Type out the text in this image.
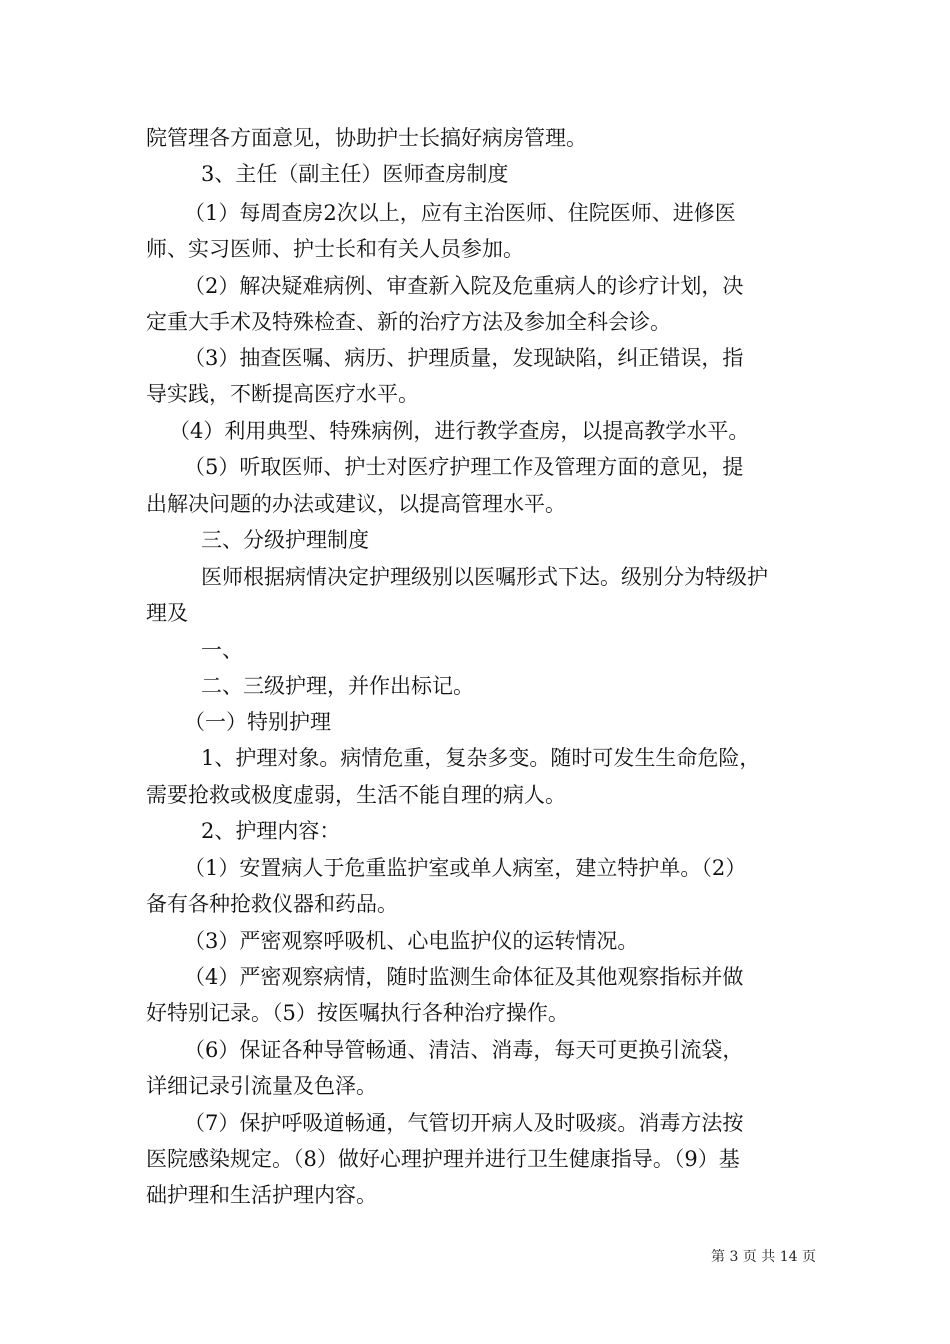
院管理各方面意见，协助护士长搞好病房管理。
3、主任（副主任）医师查房制度
（1）每周查房2次以上，应有主治医师、住院医师、进修医
师、实习医师、护士长和有关人员参加。
（2）解决疑难病例、审查新入院及危重病人的诊疗计划，决
定重大手术及特殊检查、新的治疗方法及参加全科会诊。
（3）抽查医嘱、病历、护理质量，发现缺陷，纠正错误，指
导实践，不断提高医疗水平。
（4）利用典型、特殊病例，进行教学查房，以提高教学水平。
（5）听取医师、护士对医疗护理工作及管理方面的意见，提
出解决问题的办法或建议，以提高管理水平。
三、分级护理制度
医师根据病情决定护理级别以医嘱形式下达。级别分为特级护
理及
一、
二、三级护理，并作出标记。
（一）特别护理
1、护理对象。病情危重，复杂多变。随时可发生生命危险，
需要抢救或极度虚弱，生活不能自理的病人。
2、护理内容：
（1）安置病人于危重监护室或单人病室，建立特护单。（2）
备有各种抢救仪器和药品。
（3）严密观察呼吸机、心电监护仪的运转情况。
（4）严密观察病情，随时监测生命体征及其他观察指标并做
好特别记录。（5）按医嘱执行各种治疗操作。
（6）保证各种导管畅通、清洁、消毒，每天可更换引流袋，
详细记录引流量及色泽。
（7）保护呼吸道畅通，气管切开病人及时吸痰。消毒方法按
医院感染规定。（8）做好心理护理并进行卫生健康指导。（9）基
础护理和生活护理内容。
第 3 页 共 14 页
